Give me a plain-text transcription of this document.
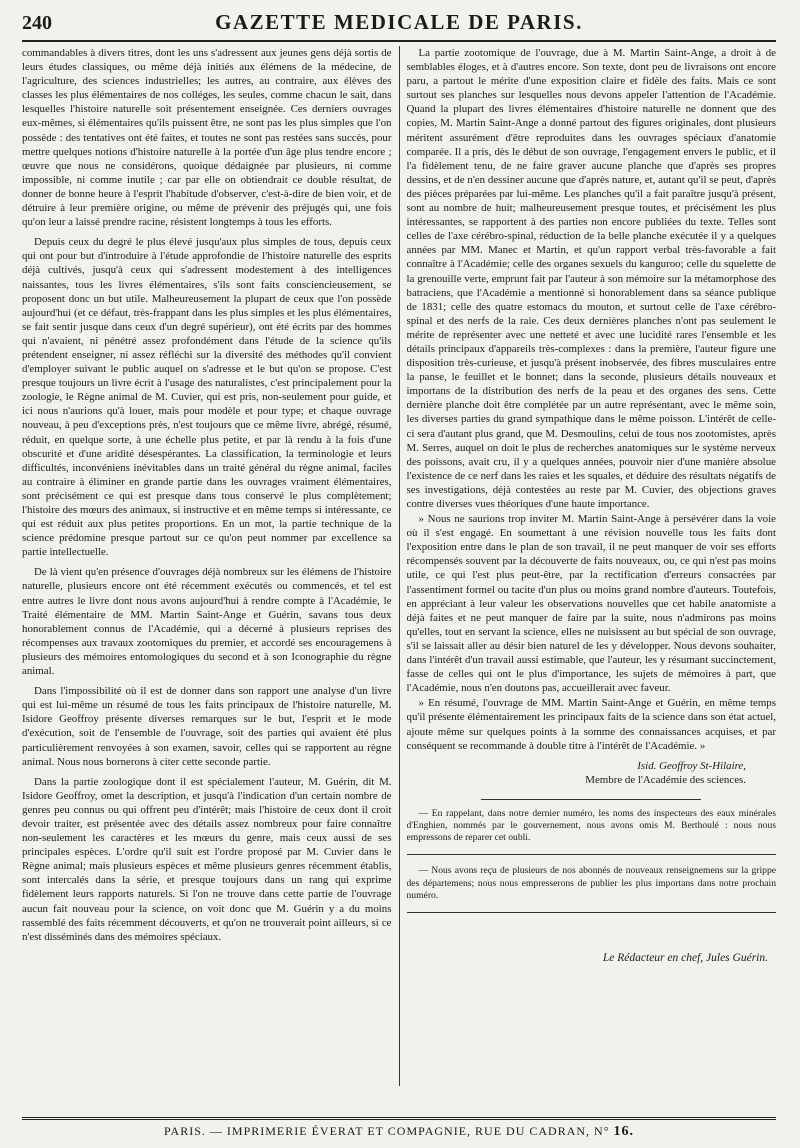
240	GAZETTE MEDICALE DE PARIS.

commandables à divers titres, dont les uns s'adressent aux jeunes gens déjà sortis de leurs études classiques, ou même déjà initiés aux élémens de la médecine, de l'agriculture, des sciences industrielles; les autres, au contraire, aux élèves des classes les plus élémentaires de nos colléges, les seules, comme chacun le sait, dans lesquelles l'histoire naturelle soit présentement enseignée. Ces derniers ouvrages eux-mêmes, si élémentaires qu'ils puissent être, ne sont pas les plus simples que l'on possède : des tentatives ont été faites, et toutes ne sont pas restées sans succès, pour mettre quelques notions d'histoire naturelle à la portée d'un âge plus tendre encore ; œuvre que nous ne considérons, quoique dédaignée par plusieurs, ni comme impossible, ni comme inutile ; car par elle on obtiendrait ce double résultat, de donner de bonne heure à l'esprit l'habitude d'observer, c'est-à-dire de bien voir, et de détruire à leur première origine, ou même de prévenir des préjugés qui, une fois qu'on leur a laissé prendre racine, résistent longtemps à tous les efforts.

Depuis ceux du degré le plus élevé jusqu'aux plus simples de tous, depuis ceux qui ont pour but d'introduire à l'étude approfondie de l'histoire naturelle des esprits déjà cultivés, jusqu'à ceux qui s'adressent modestement à des intelligences naissantes, tous les livres élémentaires, s'ils sont faits consciencieusement, se proposent donc un but utile. Malheureusement la plupart de ceux que l'on possède aujourd'hui (et ce défaut, très-frappant dans les plus simples et les plus élémentaires, se fait sentir jusque dans ceux d'un degré supérieur), ont été écrits par des hommes qui n'avaient, ni pénétré assez profondément dans l'étude de la science qu'ils prétendent enseigner, ni assez réfléchi sur la diversité des méthodes qu'il convient d'employer suivant le public auquel on s'adresse et le but qu'on se propose. C'est presque toujours un livre écrit à l'usage des naturalistes, c'est principalement pour la zoologie, le Règne animal de M. Cuvier, qui est pris, non-seulement pour guide, et ici nous n'aurions qu'à louer, mais pour modèle et pour type; et chaque ouvrage nouveau, à peu d'exceptions près, n'est toujours que ce même livre, abrégé, résumé, réduit, en quelque sorte, à une échelle plus petite, et par là rendu à la fois d'une obscurité et d'une aridité désespérantes. La classification, la terminologie et leurs difficultés, inconvéniens inévitables dans un traité général du règne animal, faciles au contraire à éliminer en grande partie dans les ouvrages vraiment élémentaires, sont précisément ce qui est presque dans tous conservé le plus complètement; l'histoire des mœurs des animaux, si instructive et en même temps si intéressante, ce qui est réduit aux plus petites proportions. En un mot, la partie technique de la science prédomine presque partout sur ce qu'on peut nommer par excellence sa partie intellectuelle.

De là vient qu'en présence d'ouvrages déjà nombreux sur les élémens de l'histoire naturelle, plusieurs encore ont été récemment exécutés ou commencés, et tel est entre autres le livre dont nous avons aujourd'hui à rendre compte à l'Académie, le Traité élémentaire de MM. Martin Saint-Ange et Guérin, savans tous deux honorablement connus de l'Académie, qui a décerné à plusieurs reprises des récompenses aux travaux zootomiques du premier, et accordé ses encouragemens à plusieurs des mémoires entomologiques du second et à son Iconographie du règne animal.

Dans l'impossibilité où il est de donner dans son rapport une analyse d'un livre qui est lui-même un résumé de tous les faits principaux de l'histoire naturelle, M. Isidore Geoffroy présente diverses remarques sur le but, l'esprit et le mode d'exécution, soit de l'ensemble de l'ouvrage, soit des parties qui avaient été plus particulièrement renvoyées à son examen, savoir, celles qui se rapportent au règne animal. Nous nous bornerons à citer cette seconde partie.

Dans la partie zoologique dont il est spécialement l'auteur, M. Guérin, dit M. Isidore Geoffroy, omet la description, et jusqu'à l'indication d'un certain nombre de genres peu connus ou qui offrent peu d'intérêt; mais l'histoire de ceux dont il croit devoir traiter, est présentée avec des détails assez nombreux pour faire connaître non-seulement les caractères et les mœurs du genre, mais ceux aussi de ses principales espèces. L'ordre qu'il suit est l'ordre proposé par M. Cuvier dans le Règne animal; mais plusieurs espèces et même plusieurs genres récemment établis, sont intercalés dans la série, et presque toujours dans un rang qui exprime fidèlement leurs rapports naturels. Si l'on ne trouve dans cette partie de l'ouvrage aucun fait nouveau pour la science, on voit donc que M. Guérin y a du moins rassemblé des faits récemment découverts, et qu'on ne trouverait point ailleurs, si ce n'est disséminés dans des mémoires spéciaux.

La partie zootomique de l'ouvrage, due à M. Martin Saint-Ange, a droit à de semblables éloges, et à d'autres encore. Son texte, dont peu de livraisons ont encore paru, a partout le mérite d'une exposition claire et fidèle des faits. Mais ce sont surtout ses planches sur lesquelles nous devons appeler l'attention de l'Académie. Quand la plupart des livres élémentaires d'histoire naturelle ne donnent que des copies, M. Martin Saint-Ange a donné partout des figures originales, dont plusieurs méritent assurément d'être reproduites dans les ouvrages spéciaux d'anatomie comparée. Il a pris, dès le début de son ouvrage, l'engagement envers le public, et il l'a fidèlement tenu, de ne faire graver aucune planche que d'après ses propres dessins, et de n'en dessiner aucune que d'après nature, et, autant qu'il se peut, d'après des pièces préparées par lui-même. Les planches qu'il a fait paraître jusqu'à présent, sont au nombre de huit; malheureusement presque toutes, et précisément les plus intéressantes, se rapportent à des parties non encore publiées du texte. Telles sont celles de l'axe cérébro-spinal, réduction de la belle planche exécutée il y a quelques années par MM. Manec et Martin, et qu'un rapport verbal très-favorable a fait connaître à l'Académie; celle des organes sexuels du kanguroo; celle du squelette de la grenouille verte, emprunt fait par l'auteur à son mémoire sur la métamorphose des batraciens, que l'Académie a mentionné si honorablement dans sa séance publique de 1831; celle des quatre estomacs du mouton, et surtout celle de l'axe cérébro-spinal et des nerfs de la raie. Ces deux dernières planches n'ont pas seulement le mérite de représenter avec une netteté et avec une lucidité rares l'ensemble et les détails principaux d'appareils très-complexes : dans la première, l'auteur figure une disposition très-curieuse, et jusqu'à présent inobservée, des fibres musculaires entre la panse, le feuillet et le bonnet; dans la seconde, plusieurs détails nouveaux et importans de la distribution des nerfs de la peau et des organes des sens. Cette dernière planche doit être complétée par un autre représentant, avec le même soin, les diverses parties du grand sympathique dans le même poisson. L'intérêt de celle-ci sera d'autant plus grand, que M. Desmoulins, celui de tous nos zootomistes, après M. Serres, auquel on doit le plus de recherches anatomiques sur le système nerveux des poissons, avait cru, il y a quelques années, pouvoir nier d'une manière absolue l'existence de ce nerf dans les raies et les squales, et déduire des résultats négatifs de ses investigations, déjà contestées au reste par M. Cuvier, des objections graves contre diverses vues théoriques d'une haute importance.

» Nous ne saurions trop inviter M. Martin Saint-Ange à persévérer dans la voie où il s'est engagé. En soumettant à une révision nouvelle tous les faits dont l'exposition entre dans le plan de son travail, il ne peut manquer de voir ses efforts récompensés souvent par la découverte de faits nouveaux, ou, ce qui n'est pas moins utile, ce qui l'est plus peut-être, par la rectification d'erreurs consacrées par l'assentiment formel ou tacite d'un plus ou moins grand nombre d'auteurs. Toutefois, en appréciant à leur valeur les observations nouvelles que cet habile anatomiste a déjà faites et ne peut manquer de faire par la suite, nous n'admirons pas moins qu'elles, tout en servant la science, elles ne nuisissent au but spécial de son ouvrage, s'il se laissait aller au désir bien naturel de les y développer. Nous devons souhaiter, dans l'intérêt d'un travail aussi estimable, que l'auteur, les y résumant succinctement, fasse de celles qui ont le plus d'importance, les sujets de mémoires à part, que l'Académie, nous n'en doutons pas, accueillerait avec faveur.

» En résumé, l'ouvrage de MM. Martin Saint-Ange et Guérin, en même temps qu'il présente élémentairement les principaux faits de la science dans son état actuel, ajoute même sur quelques points à la somme des connaissances acquises, et par conséquent se recommande à double titre à l'intérêt de l'Académie. »

Isid. Geoffroy St-Hilaire,
Membre de l'Académie des sciences.

— En rappelant, dans notre dernier numéro, les noms des inspecteurs des eaux minérales d'Enghien, nommés par le gouvernement, nous avons omis M. Berthoulé : nous nous empressons de reparer cet oubli.

— Nous avons reçu de plusieurs de nos abonnés de nouveaux renseignemens sur la grippe des départemens; nous nous empresserons de publier les plus importans dans notre prochain numéro.

Le Rédacteur en chef, Jules Guérin.
PARIS. — IMPRIMERIE ÉVERAT ET COMPAGNIE, RUE DU CADRAN, N° 16.
